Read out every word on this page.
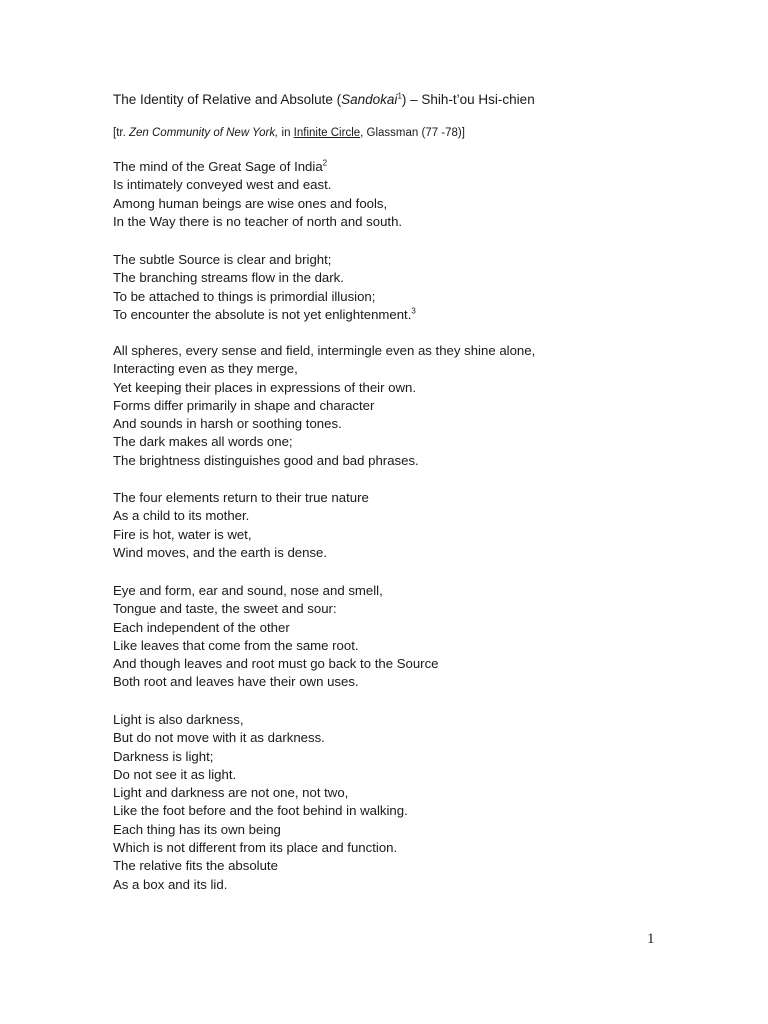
The Identity of Relative and Absolute (Sandokai$^1$) – Shih-t’ou Hsi-chien
[tr. Zen Community of New York, in Infinite Circle, Glassman (77 -78)]
The mind of the Great Sage of India$^2$
Is intimately conveyed west and east.
Among human beings are wise ones and fools,
In the Way there is no teacher of north and south.
The subtle Source is clear and bright;
The branching streams flow in the dark.
To be attached to things is primordial illusion;
To encounter the absolute is not yet enlightenment.$^3$
All spheres, every sense and field, intermingle even as they shine alone,
Interacting even as they merge,
Yet keeping their places in expressions of their own.
Forms differ primarily in shape and character
And sounds in harsh or soothing tones.
The dark makes all words one;
The brightness distinguishes good and bad phrases.
The four elements return to their true nature
As a child to its mother.
Fire is hot, water is wet,
Wind moves, and the earth is dense.
Eye and form, ear and sound, nose and smell,
Tongue and taste, the sweet and sour:
Each independent of the other
Like leaves that come from the same root.
And though leaves and root must go back to the Source
Both root and leaves have their own uses.
Light is also darkness,
But do not move with it as darkness.
Darkness is light;
Do not see it as light.
Light and darkness are not one, not two,
Like the foot before and the foot behind in walking.
Each thing has its own being
Which is not different from its place and function.
The relative fits the absolute
As a box and its lid.
1
